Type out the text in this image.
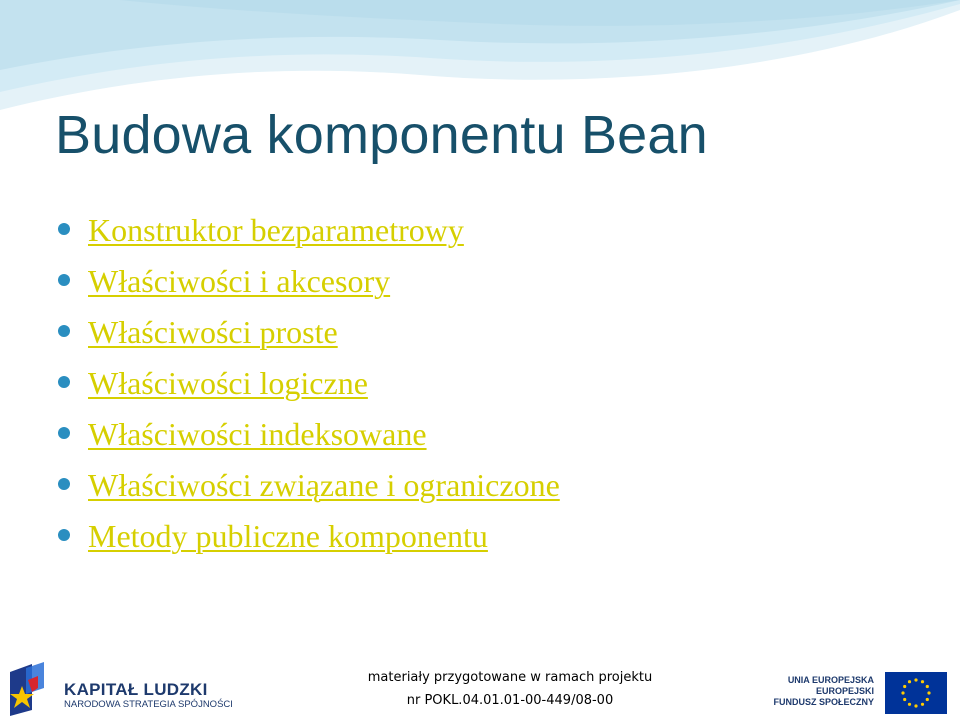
Budowa komponentu Bean
Konstruktor bezparametrowy
Właściwości i akcesory
Właściwości proste
Właściwości logiczne
Właściwości indeksowane
Właściwości związane i ograniczone
Metody publiczne komponentu
KAPITAŁ LUDZKI
NARODOWA STRATEGIA SPÓJNOŚCI
materiały przygotowane w ramach projektu
nr POKL.04.01.01-00-449/08-00
UNIA EUROPEJSKA
EUROPEJSKI
FUNDUSZ SPOŁECZNY
